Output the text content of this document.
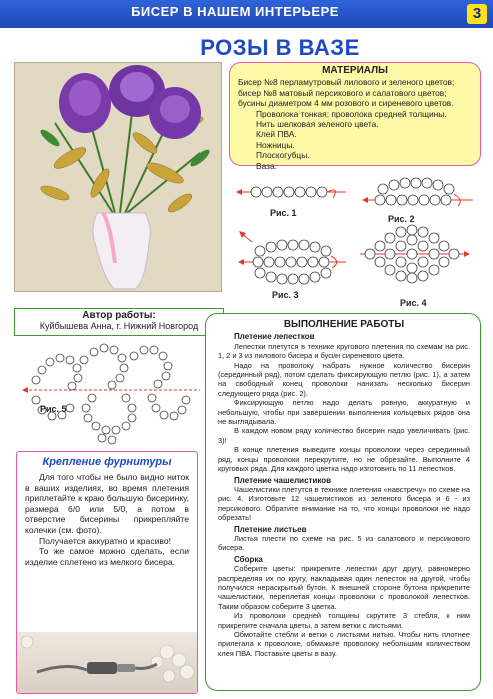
БИСЕР В НАШЕМ ИНТЕРЬЕРЕ	3
РОЗЫ В ВАЗЕ
Автор работы:
Куйбышева Анна, г. Нижний Новгород
МАТЕРИАЛЫ

Бисер №8 перламутровый лилового и зеленого цветов; бисер №8 матовый персикового и салатового цветов; бусины диаметром 4 мм розового и сиреневого цветов.

Проволока тонкая; проволока средней толщины.

Нить шелковая зеленого цвета.

Клей ПВА.

Ножницы.

Плоскогубцы.

Ваза.

Рис. 1
Рис. 2
Рис. 3
Рис. 4
Рис. 5
Крепление фурнитуры

Для того чтобы не было видно ниток в ваших изделиях, во время плетения приплетайте к краю большую бисеринку, размера 6/0 или 5/0, а потом в отверстие бисерины прикрепляйте колечки (см. фото).

Получается аккуратно и красиво!

То же самое можно сделать, если изделие сплетено из мелкого бисера.

ВЫПОЛНЕНИЕ РАБОТЫ
Плетение лепестков

Лепестки плетутся в технике кругового плетения по схемам на рис. 1, 2 и 3 из лилового бисера и бусин сиреневого цвета.

Надо на проволоку набрать нужное количество бисерин (серединный ряд), потом сделать фиксирующую петлю (рис. 1), а затем на свободный конец проволоки нанизать несколько бисерин следующего ряда (рис. 2).

Фиксирующую петлю надо делать ровную, аккуратную и небольшую, чтобы при завершении выполнения кольцевых рядов она не выглядывала.

В каждом новом ряду количество бисерин надо увеличивать (рис. 3)!

В конце плетения выведите концы проволоки через серединный ряд, концы проволоки перекрутите, но не обрезайте. Выполните 4 круговых ряда. Для каждого цветка надо изготовить по 11 лепестков.

Плетение чашелистиков

Чашелистики плетутся в технике плетения «навстречу» по схеме на рис. 4. Изготовьте 12 чашелистиков из зеленого бисера и 6 - из персикового. Обратите внимание на то, что концы проволоки не надо обрезать!

Плетение листьев

Листья плести по схеме на рис. 5 из салатового и персикового бисера.

Сборка

Соберите цветы: прикрепите лепестки друг другу, равномерно распределяя их по кругу, накладывая один лепесток на другой, чтобы получился нераскрытый бутон. К внешней стороне бутона прикрепите чашелистики, переплетая концы проволоки с проволокой лепестков. Таким образом соберите 3 цветка.

Из проволоки средней толщины скрутите 3 стебля, к ним прикрепите сначала цветы, а затем ветки с листьями.

Обмотайте стебли и ветки с листьями нитью. Чтобы нить плотнее прилегала к проволоке, обмажьте проволоку небольшим количеством клея ПВА. Поставьте цветы в вазу.
